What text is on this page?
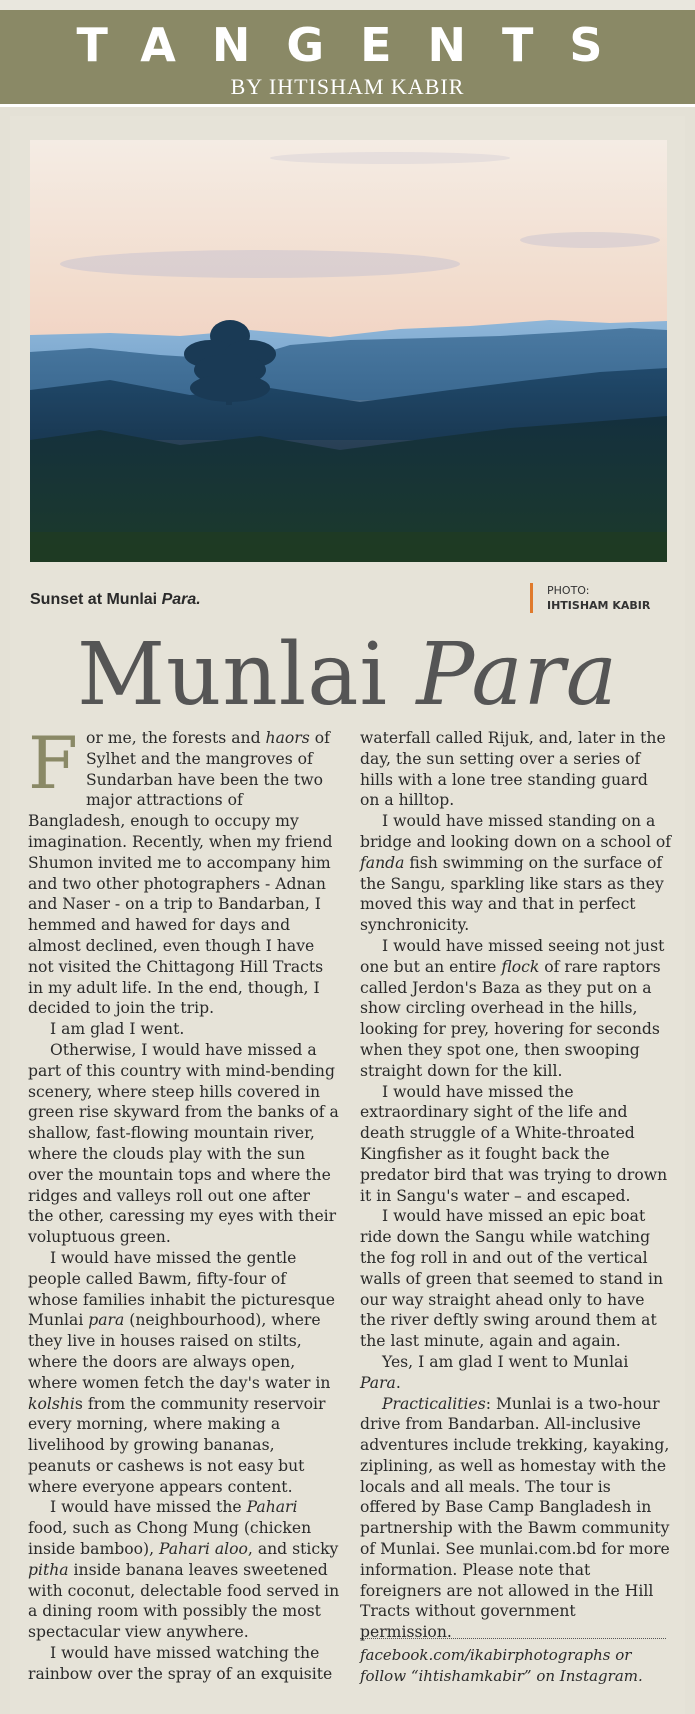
TANGENTS
BY IHTISHAM KABIR
Sunset at Munlai Para.
PHOTO:
IHTISHAM KABIR
Munlai Para

For me, the forests and haors of Sylhet and the mangroves of Sundarban have been the two major attractions of Bangladesh, enough to occupy my imagination. Recently, when my friend Shumon invited me to accompany him and two other photographers - Adnan and Naser - on a trip to Bandarban, I hemmed and hawed for days and almost declined, even though I have not visited the Chittagong Hill Tracts in my adult life. In the end, though, I decided to join the trip.

I am glad I went.

Otherwise, I would have missed a part of this country with mind-bending scenery, where steep hills covered in green rise skyward from the banks of a shallow, fast-flowing mountain river, where the clouds play with the sun over the mountain tops and where the ridges and valleys roll out one after the other, caressing my eyes with their voluptuous green.

I would have missed the gentle people called Bawm, fifty-four of whose families inhabit the picturesque Munlai para (neighbourhood), where they live in houses raised on stilts, where the doors are always open, where women fetch the day's water in kolshis from the community reservoir every morning, where making a livelihood by growing bananas, peanuts or cashews is not easy but where everyone appears content.

I would have missed the Pahari food, such as Chong Mung (chicken inside bamboo), Pahari aloo, and sticky pitha inside banana leaves sweetened with coconut, delectable food served in a dining room with possibly the most spectacular view anywhere.

I would have missed watching the rainbow over the spray of an exquisite

waterfall called Rijuk, and, later in the day, the sun setting over a series of hills with a lone tree standing guard on a hilltop.

I would have missed standing on a bridge and looking down on a school of fanda fish swimming on the surface of the Sangu, sparkling like stars as they moved this way and that in perfect synchronicity.

I would have missed seeing not just one but an entire flock of rare raptors called Jerdon's Baza as they put on a show circling overhead in the hills, looking for prey, hovering for seconds when they spot one, then swooping straight down for the kill.

I would have missed the extraordinary sight of the life and death struggle of a White-throated Kingfisher as it fought back the predator bird that was trying to drown it in Sangu's water – and escaped.

I would have missed an epic boat ride down the Sangu while watching the fog roll in and out of the vertical walls of green that seemed to stand in our way straight ahead only to have the river deftly swing around them at the last minute, again and again.

Yes, I am glad I went to Munlai Para.

Practicalities: Munlai is a two-hour drive from Bandarban. All-inclusive adventures include trekking, kayaking, ziplining, as well as homestay with the locals and all meals. The tour is offered by Base Camp Bangladesh in partnership with the Bawm community of Munlai. See munlai.com.bd for more information. Please note that foreigners are not allowed in the Hill Tracts without government permission.

facebook.com/ikabirphotographs or follow “ihtishamkabir” on Instagram.
